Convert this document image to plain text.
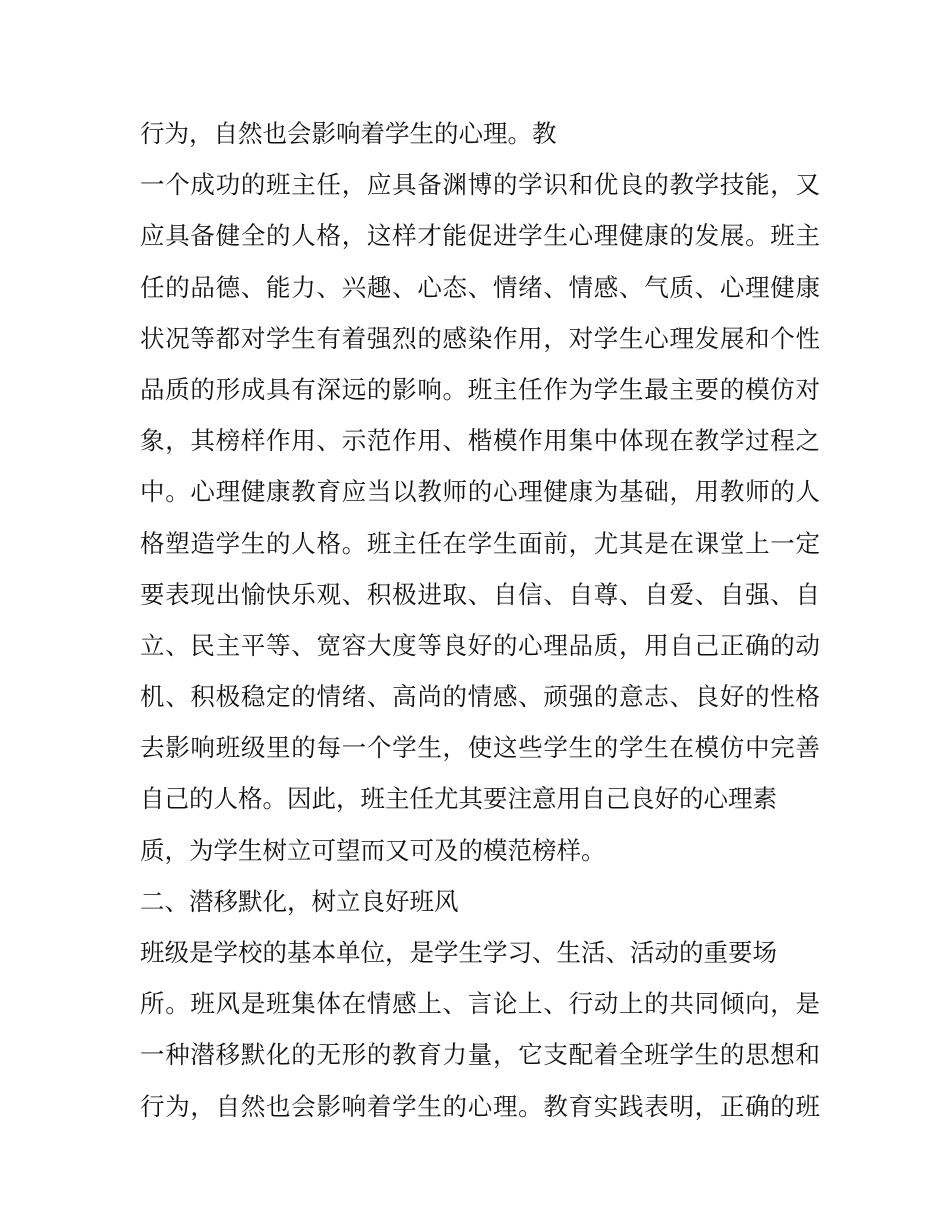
行为，自然也会影响着学生的心理。教
一个成功的班主任，应具备渊博的学识和优良的教学技能，又
应具备健全的人格，这样才能促进学生心理健康的发展。班主
任的品德、能力、兴趣、心态、情绪、情感、气质、心理健康
状况等都对学生有着强烈的感染作用，对学生心理发展和个性
品质的形成具有深远的影响。班主任作为学生最主要的模仿对
象，其榜样作用、示范作用、楷模作用集中体现在教学过程之
中。心理健康教育应当以教师的心理健康为基础，用教师的人
格塑造学生的人格。班主任在学生面前，尤其是在课堂上一定
要表现出愉快乐观、积极进取、自信、自尊、自爱、自强、自
立、民主平等、宽容大度等良好的心理品质，用自己正确的动
机、积极稳定的情绪、高尚的情感、顽强的意志、良好的性格
去影响班级里的每一个学生，使这些学生的学生在模仿中完善
自己的人格。因此，班主任尤其要注意用自己良好的心理素
质，为学生树立可望而又可及的模范榜样。
二、潜移默化，树立良好班风
班级是学校的基本单位，是学生学习、生活、活动的重要场
所。班风是班集体在情感上、言论上、行动上的共同倾向，是
一种潜移默化的无形的教育力量，它支配着全班学生的思想和
行为，自然也会影响着学生的心理。教育实践表明，正确的班
